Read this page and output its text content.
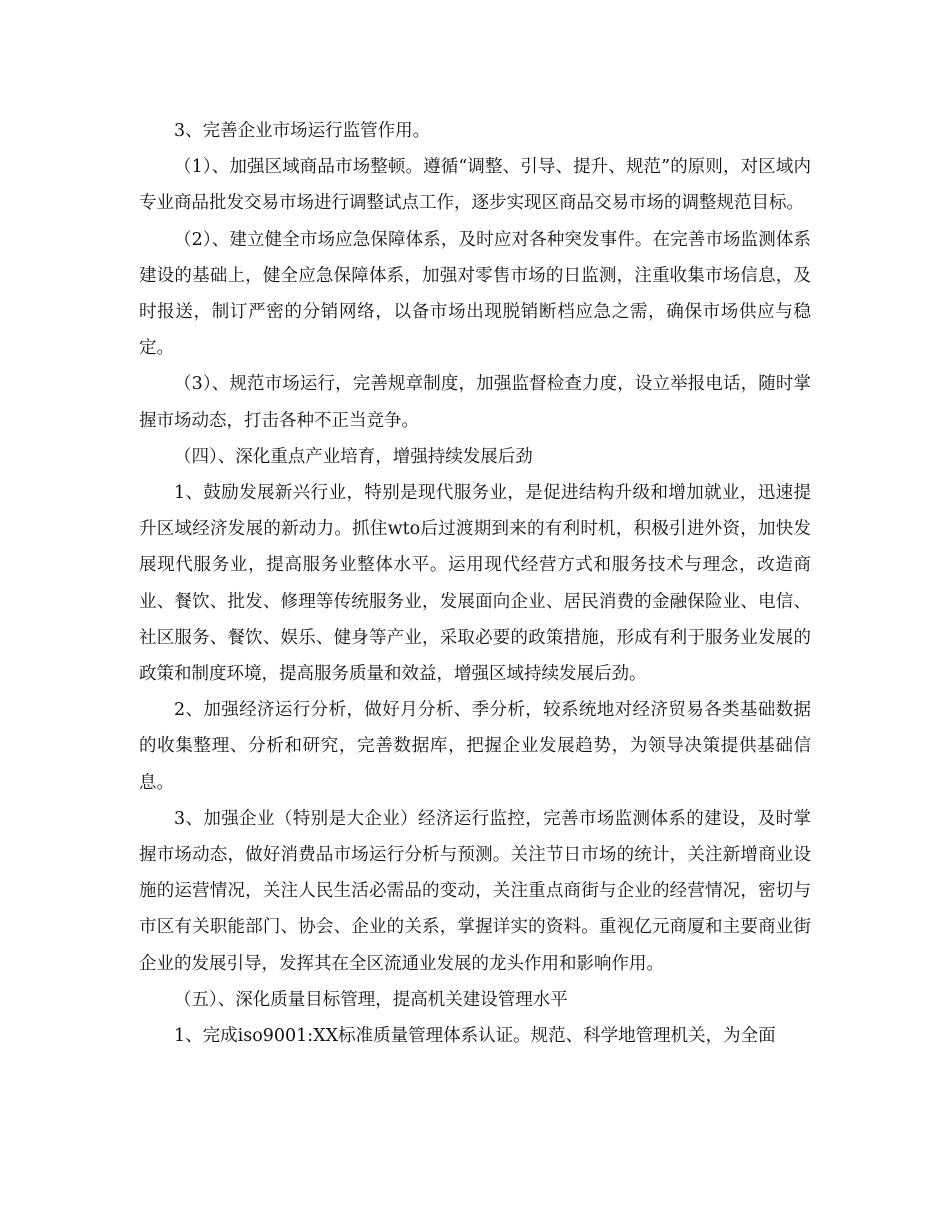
3、完善企业市场运行监管作用。

（1）、加强区域商品市场整顿。遵循“调整、引导、提升、规范”的原则，对区域内专业商品批发交易市场进行调整试点工作，逐步实现区商品交易市场的调整规范目标。

（2）、建立健全市场应急保障体系，及时应对各种突发事件。在完善市场监测体系建设的基础上，健全应急保障体系，加强对零售市场的日监测，注重收集市场信息，及时报送，制订严密的分销网络，以备市场出现脱销断档应急之需，确保市场供应与稳定。

（3）、规范市场运行，完善规章制度，加强监督检查力度，设立举报电话，随时掌握市场动态，打击各种不正当竞争。

（四）、深化重点产业培育，增强持续发展后劲

1、鼓励发展新兴行业，特别是现代服务业，是促进结构升级和增加就业，迅速提升区域经济发展的新动力。抓住wto后过渡期到来的有利时机，积极引进外资，加快发展现代服务业，提高服务业整体水平。运用现代经营方式和服务技术与理念，改造商业、餐饮、批发、修理等传统服务业，发展面向企业、居民消费的金融保险业、电信、社区服务、餐饮、娱乐、健身等产业，采取必要的政策措施，形成有利于服务业发展的政策和制度环境，提高服务质量和效益，增强区域持续发展后劲。

2、加强经济运行分析，做好月分析、季分析，较系统地对经济贸易各类基础数据的收集整理、分析和研究，完善数据库，把握企业发展趋势，为领导决策提供基础信息。

3、加强企业（特别是大企业）经济运行监控，完善市场监测体系的建设，及时掌握市场动态，做好消费品市场运行分析与预测。关注节日市场的统计，关注新增商业设施的运营情况，关注人民生活必需品的变动，关注重点商街与企业的经营情况，密切与市区有关职能部门、协会、企业的关系，掌握详实的资料。重视亿元商厦和主要商业街企业的发展引导，发挥其在全区流通业发展的龙头作用和影响作用。

（五）、深化质量目标管理，提高机关建设管理水平

1、完成iso9001:XX标准质量管理体系认证。规范、科学地管理机关，为全面
